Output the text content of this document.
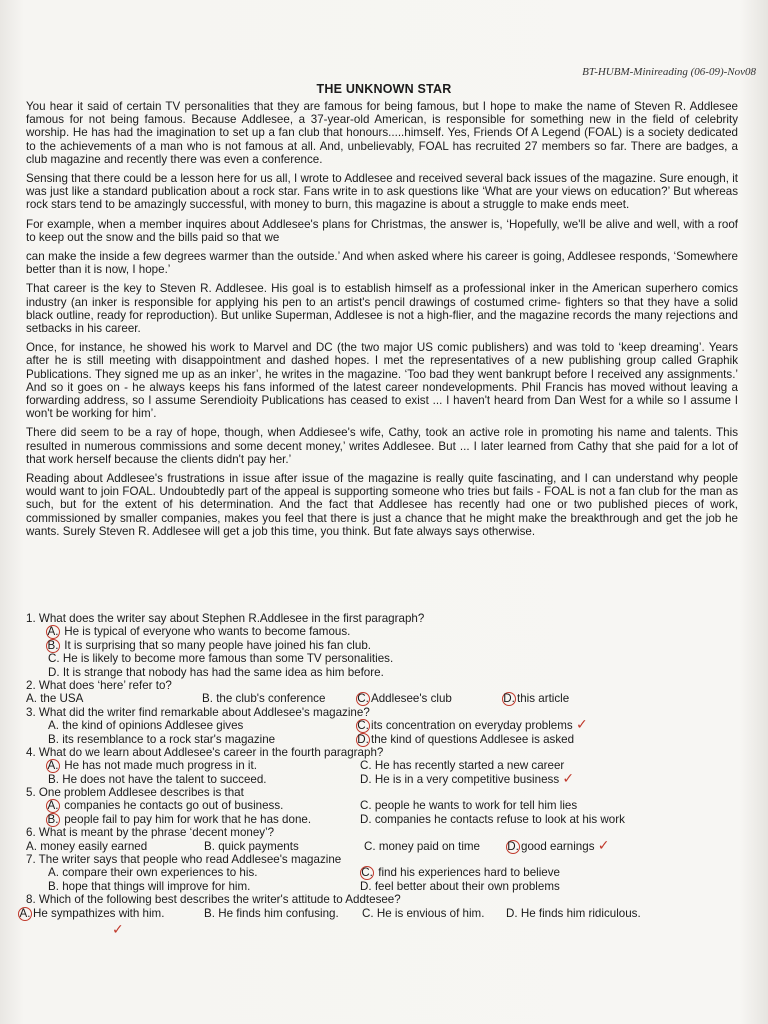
BT-HUBM-Minireading (06-09)-Nov08
THE UNKNOWN STAR

You hear it said of certain TV personalities that they are famous for being famous, but I hope to make the name of Steven R. Addlesee famous for not being famous. Because Addlesee, a 37-year-old American, is responsible for something new in the field of celebrity worship. He has had the imagination to set up a fan club that honours.....himself. Yes, Friends Of A Legend (FOAL) is a society dedicated to the achievements of a man who is not famous at all. And, unbelievably, FOAL has recruited 27 members so far. There are badges, a club magazine and recently there was even a conference.

Sensing that there could be a lesson here for us all, I wrote to Addlesee and received several back issues of the magazine. Sure enough, it was just like a standard publication about a rock star. Fans write in to ask questions like ‘What are your views on education?’ But whereas rock stars tend to be amazingly successful, with money to burn, this magazine is about a struggle to make ends meet.

For example, when a member inquires about Addlesee's plans for Christmas, the answer is, ‘Hopefully, we'll be alive and well, with a roof to keep out the snow and the bills paid so that we

can make the inside a few degrees warmer than the outside.’ And when asked where his career is going, Addlesee responds, ‘Somewhere better than it is now, I hope.’

That career is the key to Steven R. Addlesee. His goal is to establish himself as a professional inker in the American superhero comics industry (an inker is responsible for applying his pen to an artist's pencil drawings of costumed crime- fighters so that they have a solid black outline, ready for reproduction). But unlike Superman, Addlesee is not a high-flier, and the magazine records the many rejections and setbacks in his career.

Once, for instance, he showed his work to Marvel and DC (the two major US comic publishers) and was told to ‘keep dreaming’. Years after he is still meeting with disappointment and dashed hopes. I met the representatives of a new publishing group called Graphik Publications. They signed me up as an inker’, he writes in the magazine. ‘Too bad they went bankrupt before I received any assignments.’ And so it goes on - he always keeps his fans informed of the latest career nondevelopments. Phil Francis has moved without leaving a forwarding address, so I assume Serendioity Publications has ceased to exist ... I haven't heard from Dan West for a while so I assume I won't be working for him’.

There did seem to be a ray of hope, though, when Addiesee's wife, Cathy, took an active role in promoting his name and talents. This resulted in numerous commissions and some decent money,’ writes Addlesee. But ... I later learned from Cathy that she paid for a lot of that work herself because the clients didn't pay her.’

Reading about Addlesee's frustrations in issue after issue of the magazine is really quite fascinating, and I can understand why people would want to join FOAL. Undoubtedly part of the appeal is supporting someone who tries but fails - FOAL is not a fan club for the man as such, but for the extent of his determination. And the fact that Addlesee has recently had one or two published pieces of work, commissioned by smaller companies, makes you feel that there is just a chance that he might make the breakthrough and get the job he wants. Surely Steven R. Addlesee will get a job this time, you think. But fate always says otherwise.

1. What does the writer say about Stephen R.Addlesee in the first paragraph?
A. He is typical of everyone who wants to become famous.
B. It is surprising that so many people have joined his fan club.
C. He is likely to become more famous than some TV personalities.
D. It is strange that nobody has had the same idea as him before.
2. What does ‘here’ refer to?
A. the USA	B. the club's conference	C. Addlesee's club	D. this article
3. What did the writer find remarkable about Addlesee's magazine?
A. the kind of opinions Addlesee gives	C. its concentration on everyday problems ✓
B. its resemblance to a rock star's magazine	D. the kind of questions Addlesee is asked
4. What do we learn about Addlesee's career in the fourth paragraph?
A. He has not made much progress in it.	C. He has recently started a new career
B. He does not have the talent to succeed.	D. He is in a very competitive business ✓
5. One problem Addlesee describes is that
A. companies he contacts go out of business.	C. people he wants to work for tell him lies
B. people fail to pay him for work that he has done.	D. companies he contacts refuse to look at his work
6. What is meant by the phrase ‘decent money’?
A. money easily earned	B. quick payments	C. money paid on time D. good earnings ✓
7. The writer says that people who read Addlesee's magazine
A. compare their own experiences to his.	C. find his experiences hard to believe
B. hope that things will improve for him.	D. feel better about their own problems
8. Which of the following best describes the writer's attitude to Addtesee?
A. He sympathizes with him.	B. He finds him confusing. C. He is envious of him. D. He finds him ridiculous.
✓
